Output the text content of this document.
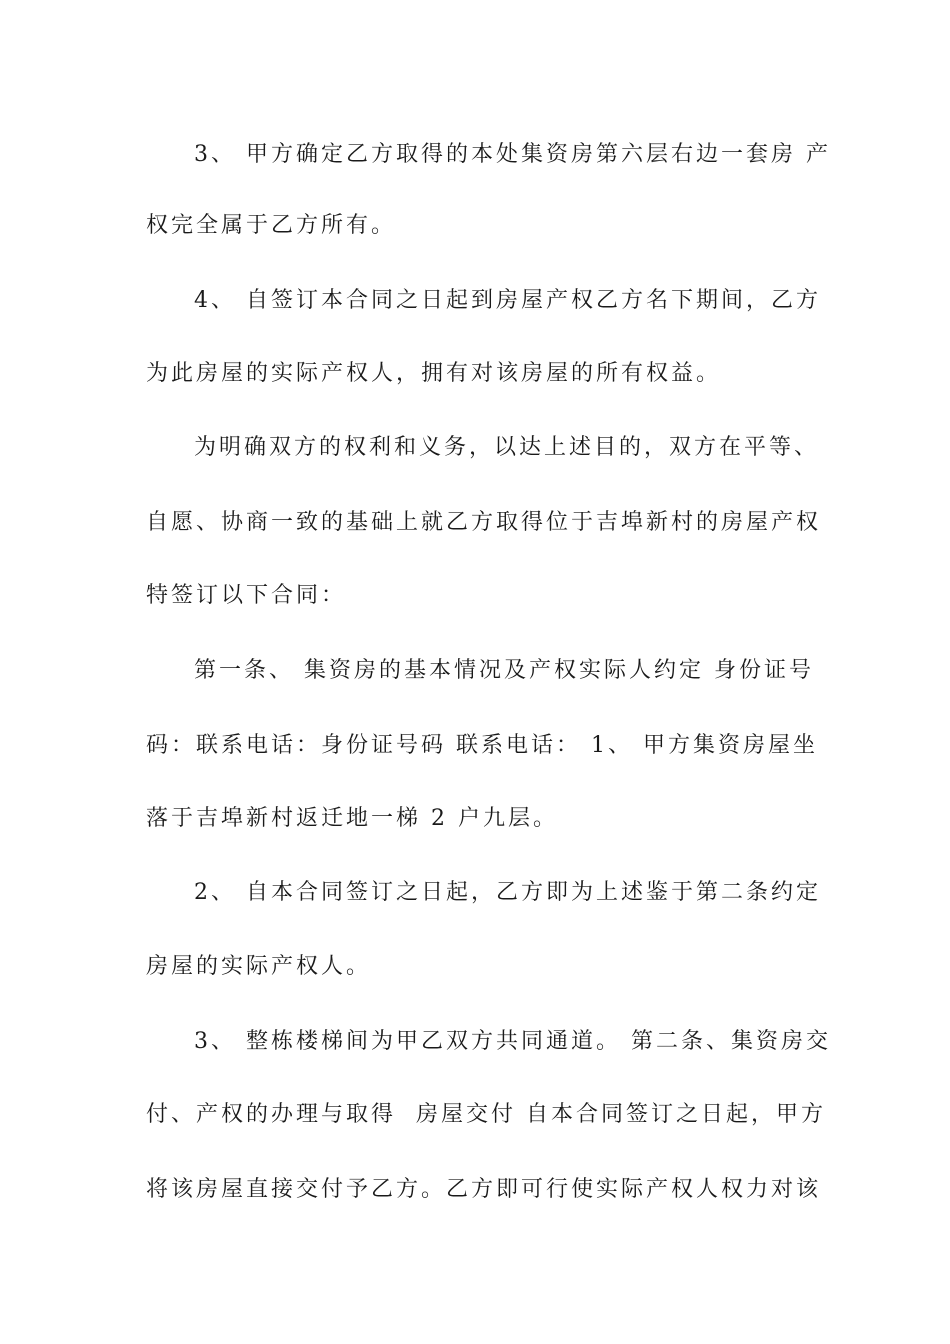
3、 甲方确定乙方取得的本处集资房第六层右边一套房 产
权完全属于乙方所有。
4、 自签订本合同之日起到房屋产权乙方名下期间，乙方
为此房屋的实际产权人，拥有对该房屋的所有权益。
为明确双方的权利和义务，以达上述目的，双方在平等、
自愿、协商一致的基础上就乙方取得位于吉埠新村的房屋产权
特签订以下合同：
第一条、 集资房的基本情况及产权实际人约定 身份证号
码：联系电话：身份证号码 联系电话： 1、 甲方集资房屋坐
落于吉埠新村返迁地一梯 2 户九层。
2、 自本合同签订之日起，乙方即为上述鉴于第二条约定
房屋的实际产权人。
3、 整栋楼梯间为甲乙双方共同通道。 第二条、集资房交
付、产权的办理与取得  房屋交付 自本合同签订之日起，甲方
将该房屋直接交付予乙方。乙方即可行使实际产权人权力对该
